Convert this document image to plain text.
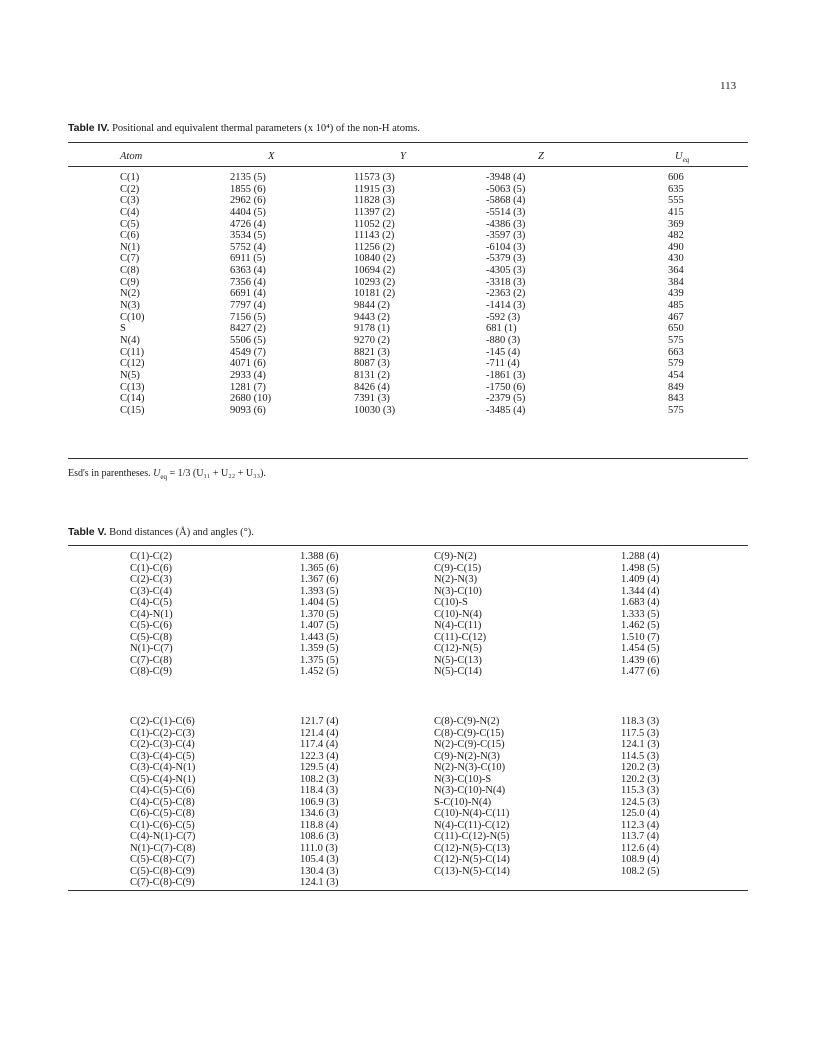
113
Table IV. Positional and equivalent thermal parameters (x 10⁴) of the non-H atoms.
Atom	X	Y	Z	$U_{eq}$
C(1)	2135 (5)	11573 (3)	-3948 (4)	606
C(2)	1855 (6)	11915 (3)	-5063 (5)	635
C(3)	2962 (6)	11828 (3)	-5868 (4)	555
C(4)	4404 (5)	11397 (2)	-5514 (3)	415
C(5)	4726 (4)	11052 (2)	-4386 (3)	369
C(6)	3534 (5)	11143 (2)	-3597 (3)	482
N(1)	5752 (4)	11256 (2)	-6104 (3)	490
C(7)	6911 (5)	10840 (2)	-5379 (3)	430
C(8)	6363 (4)	10694 (2)	-4305 (3)	364
C(9)	7356 (4)	10293 (2)	-3318 (3)	384
N(2)	6691 (4)	10181 (2)	-2363 (2)	439
N(3)	7797 (4)	9844 (2)	-1414 (3)	485
C(10)	7156 (5)	9443 (2)	-592 (3)	467
S	8427 (2)	9178 (1)	681 (1)	650
N(4)	5506 (5)	9270 (2)	-880 (3)	575
C(11)	4549 (7)	8821 (3)	-145 (4)	663
C(12)	4071 (6)	8087 (3)	-711 (4)	579
N(5)	2933 (4)	8131 (2)	-1861 (3)	454
C(13)	1281 (7)	8426 (4)	-1750 (6)	849
C(14)	2680 (10)	7391 (3)	-2379 (5)	843
C(15)	9093 (6)	10030 (3)	-3485 (4)	575
Esd's in parentheses. $U_{eq} = 1/3$ (U₁₁ + U₂₂ + U₃₃).
Table V. Bond distances (Å) and angles (°).
C(1)-C(2)	1.388 (6)	C(9)-N(2)	1.288 (4)
C(1)-C(6)	1.365 (6)	C(9)-C(15)	1.498 (5)
C(2)-C(3)	1.367 (6)	N(2)-N(3)	1.409 (4)
C(3)-C(4)	1.393 (5)	N(3)-C(10)	1.344 (4)
C(4)-C(5)	1.404 (5)	C(10)-S	1.683 (4)
C(4)-N(1)	1.370 (5)	C(10)-N(4)	1.333 (5)
C(5)-C(6)	1.407 (5)	N(4)-C(11)	1.462 (5)
C(5)-C(8)	1.443 (5)	C(11)-C(12)	1.510 (7)
N(1)-C(7)	1.359 (5)	C(12)-N(5)	1.454 (5)
C(7)-C(8)	1.375 (5)	N(5)-C(13)	1.439 (6)
C(8)-C(9)	1.452 (5)	N(5)-C(14)	1.477 (6)
C(2)-C(1)-C(6)	121.7 (4)	C(8)-C(9)-N(2)	118.3 (3)
C(1)-C(2)-C(3)	121.4 (4)	C(8)-C(9)-C(15)	117.5 (3)
C(2)-C(3)-C(4)	117.4 (4)	N(2)-C(9)-C(15)	124.1 (3)
C(3)-C(4)-C(5)	122.3 (4)	C(9)-N(2)-N(3)	114.5 (3)
C(3)-C(4)-N(1)	129.5 (4)	N(2)-N(3)-C(10)	120.2 (3)
C(5)-C(4)-N(1)	108.2 (3)	N(3)-C(10)-S	120.2 (3)
C(4)-C(5)-C(6)	118.4 (3)	N(3)-C(10)-N(4)	115.3 (3)
C(4)-C(5)-C(8)	106.9 (3)	S-C(10)-N(4)	124.5 (3)
C(6)-C(5)-C(8)	134.6 (3)	C(10)-N(4)-C(11)	125.0 (4)
C(1)-C(6)-C(5)	118.8 (4)	N(4)-C(11)-C(12)	112.3 (4)
C(4)-N(1)-C(7)	108.6 (3)	C(11)-C(12)-N(5)	113.7 (4)
N(1)-C(7)-C(8)	111.0 (3)	C(12)-N(5)-C(13)	112.6 (4)
C(5)-C(8)-C(7)	105.4 (3)	C(12)-N(5)-C(14)	108.9 (4)
C(5)-C(8)-C(9)	130.4 (3)	C(13)-N(5)-C(14)	108.2 (5)
C(7)-C(8)-C(9)	124.1 (3)
